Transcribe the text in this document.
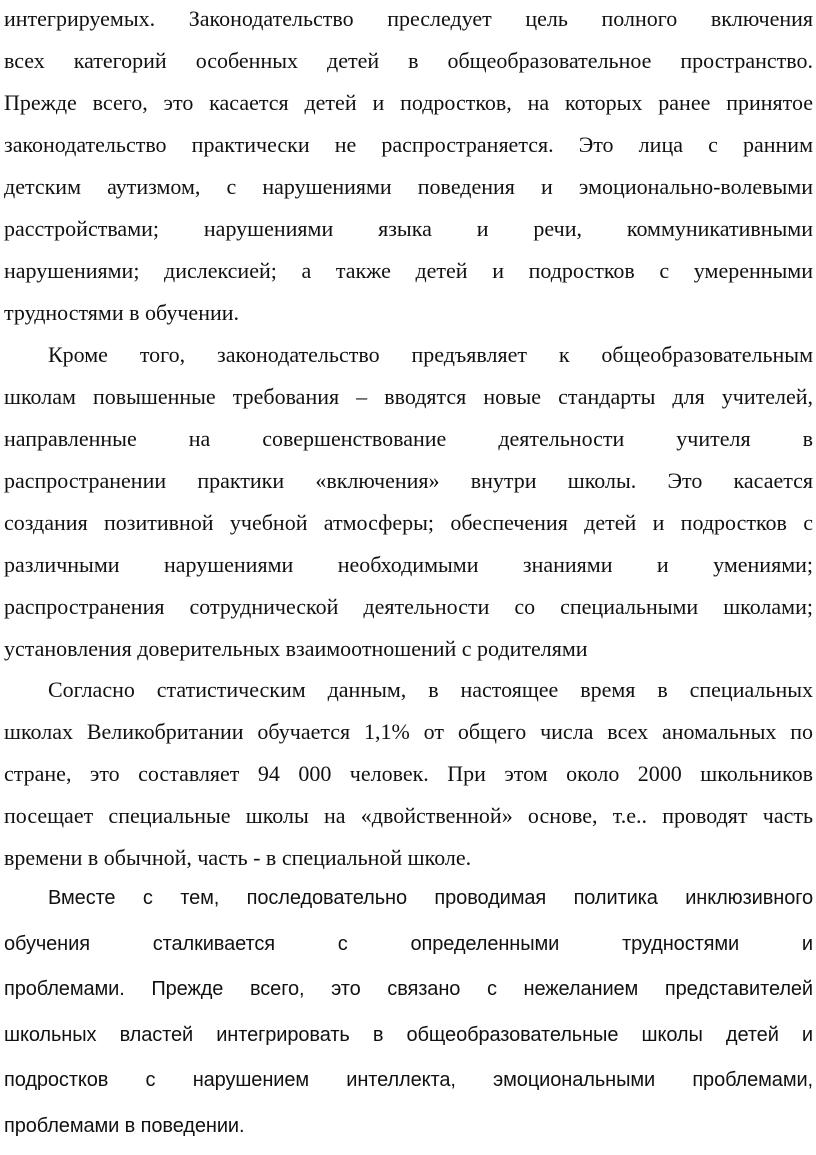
интегрируемых. Законодательство преследует цель полного включения
всех категорий особенных детей в общеобразовательное пространство.
Прежде всего, это касается детей и подростков, на которых ранее принятое
законодательство практически не распространяется. Это лица с ранним
детским аутизмом, с нарушениями поведения и эмоционально-волевыми
расстройствами; нарушениями языка и речи, коммуникативными
нарушениями; дислексией; а также детей и подростков с умеренными
трудностями в обучении.
Кроме того, законодательство предъявляет к общеобразовательным
школам повышенные требования – вводятся новые стандарты для учителей,
направленные на совершенствование деятельности учителя в
распространении практики «включения» внутри школы. Это касается
создания позитивной учебной атмосферы; обеспечения детей и подростков с
различными нарушениями необходимыми знаниями и умениями;
распространения сотруднической деятельности со специальными школами;
установления доверительных взаимоотношений с родителями
Согласно статистическим данным, в настоящее время в специальных
школах Великобритании обучается 1,1% от общего числа всех аномальных по
стране, это составляет 94 000 человек. При этом около 2000 школьников
посещает специальные школы на «двойственной» основе, т.е.. проводят часть
времени в обычной, часть - в специальной школе.
Вместе с тем, последовательно проводимая политика инклюзивного
обучения сталкивается с определенными трудностями и
проблемами. Прежде всего, это связано с нежеланием представителей
школьных властей интегрировать в общеобразовательные школы детей и
подростков с нарушением интеллекта, эмоциональными проблемами,
проблемами в поведении.
